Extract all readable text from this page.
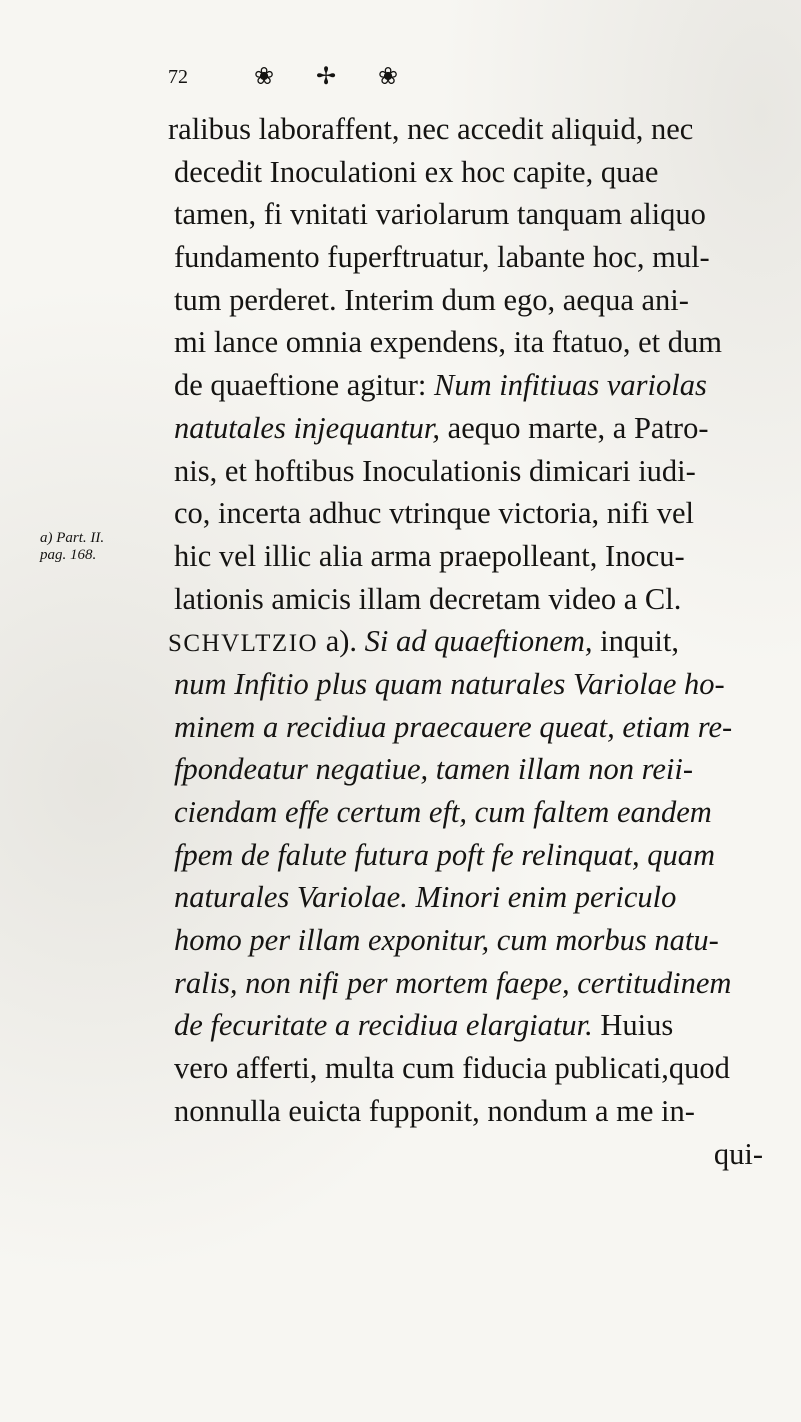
72	❀ ✢ ❀
a) Part. II.
pag. 168.
ralibus laboraffent, nec accedit aliquid, nec
decedit Inoculationi ex hoc capite, quae
tamen, fi vnitati variolarum tanquam aliquo
fundamento fuperftruatur, labante hoc, mul-
tum perderet. Interim dum ego, aequa ani-
mi lance omnia expendens, ita ftatuo, et dum
de quaeftione agitur: Num infitiuas variolas
natutales injequantur, aequo marte, a Patro-
nis, et hoftibus Inoculationis dimicari iudi-
co, incerta adhuc vtrinque victoria, nifi vel
hic vel illic alia arma praepolleant, Inocu-
lationis amicis illam decretam video a Cl.
SCHVLTZIO a). Si ad quaeftionem, inquit,
num Infitio plus quam naturales Variolae ho-
minem a recidiua praecauere queat, etiam re-
fpondeatur negatiue, tamen illam non reii-
ciendam effe certum eft, cum faltem eandem
fpem de falute futura poft fe relinquat, quam
naturales Variolae. Minori enim periculo
homo per illam exponitur, cum morbus natu-
ralis, non nifi per mortem faepe, certitudinem
de fecuritate a recidiua elargiatur. Huius
vero afferti, multa cum fiducia publicati,quod
nonnulla euicta fupponit, nondum a me in-
qui-
